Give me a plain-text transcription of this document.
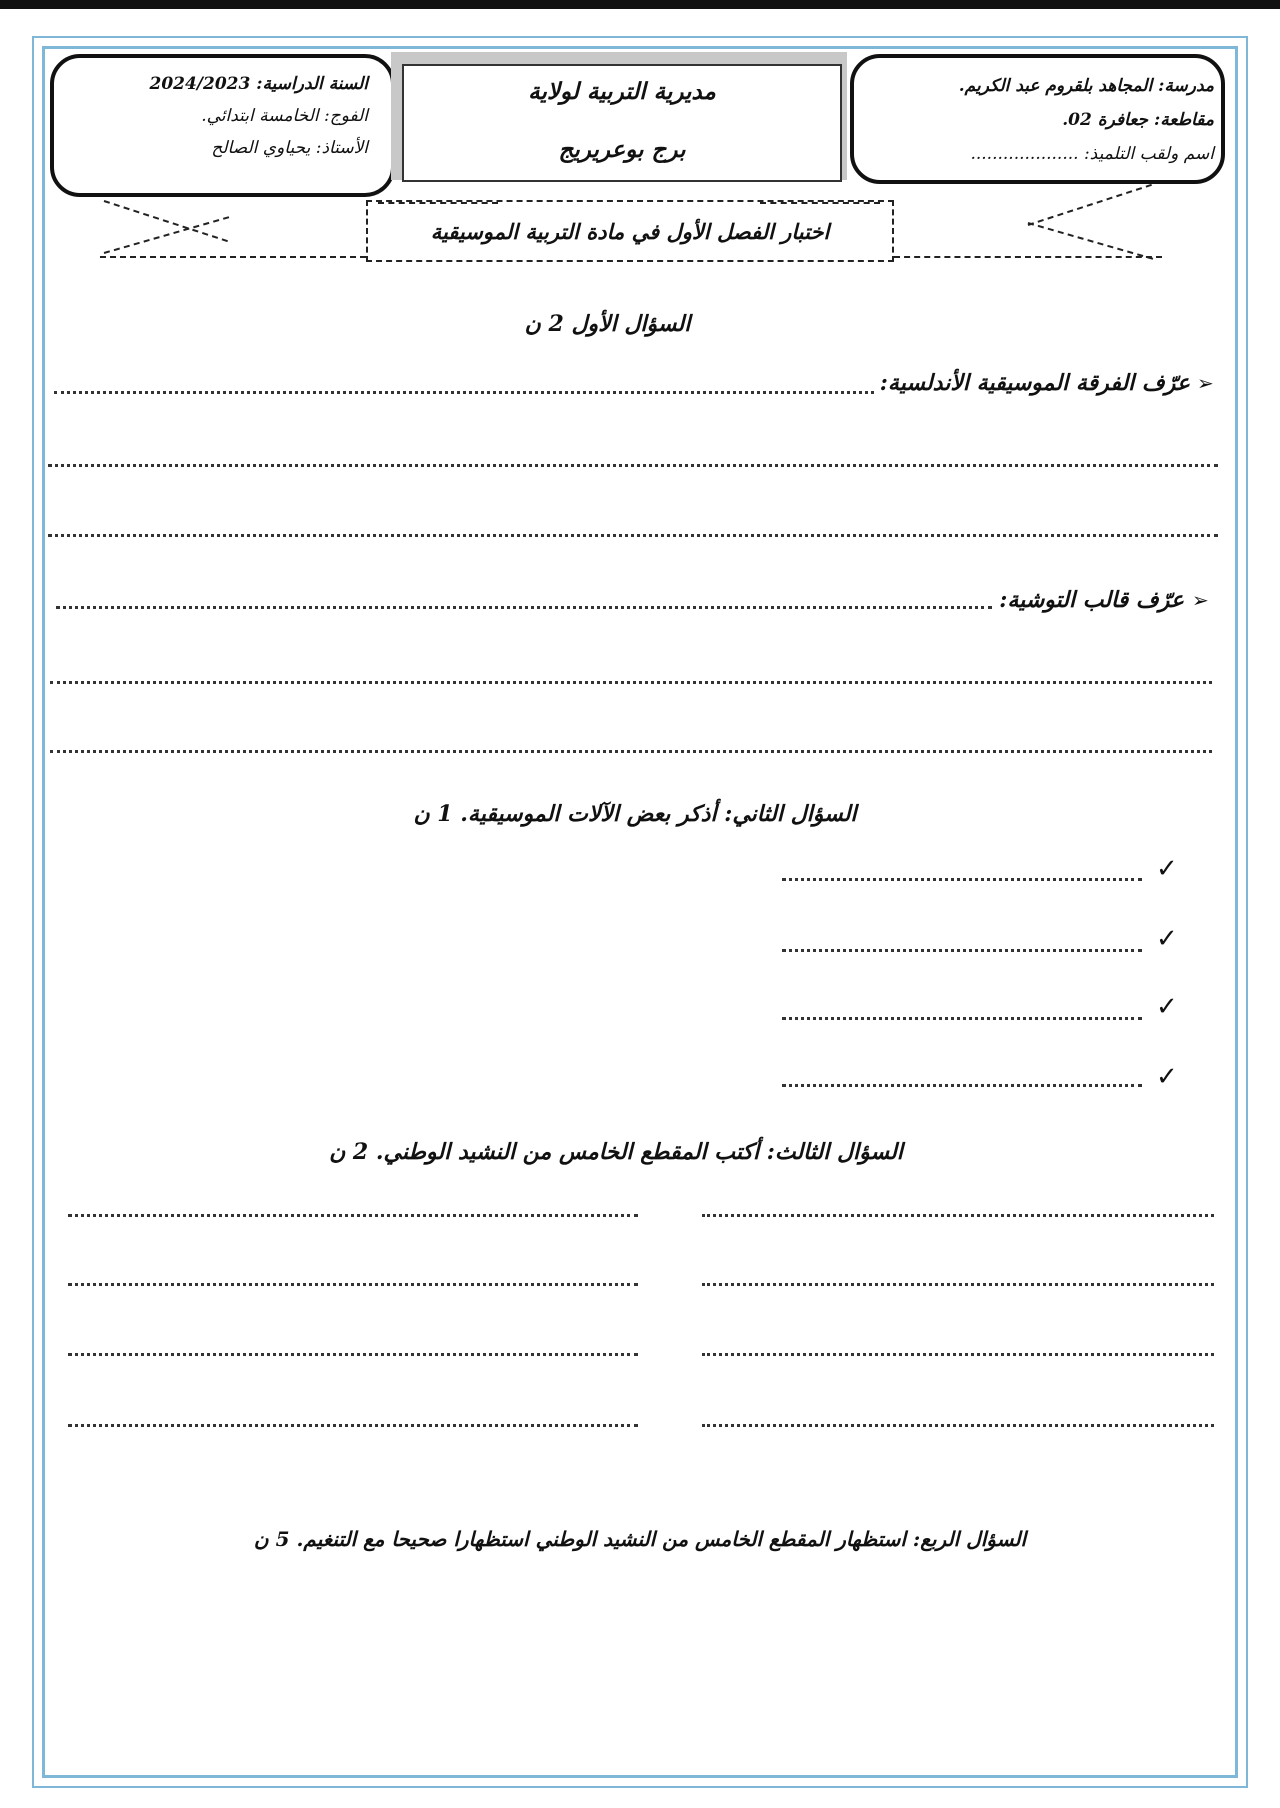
السنة الدراسية: 2024/2023
الفوج: الخامسة ابتدائي.
الأستاذ: يحياوي الصالح
مديرية التربية لولاية
برج بوعريريج
مدرسة: المجاهد بلقروم عبد الكريم.
مقاطعة: جعافرة 02.
اسم ولقب التلميذ: ....................
اختبار الفصل الأول في مادة التربية الموسيقية
السؤال الأول 2 ن
➢
عرّف الفرقة الموسيقية الأندلسية:
➢
عرّف قالب التوشية:
السؤال الثاني: أذكر بعض الآلات الموسيقية. 1 ن
✓
✓
✓
✓
السؤال الثالث: أكتب المقطع الخامس من النشيد الوطني. 2 ن
السؤال الربع: استظهار المقطع الخامس من النشيد الوطني استظهارا صحيحا مع التنغيم. 5 ن
